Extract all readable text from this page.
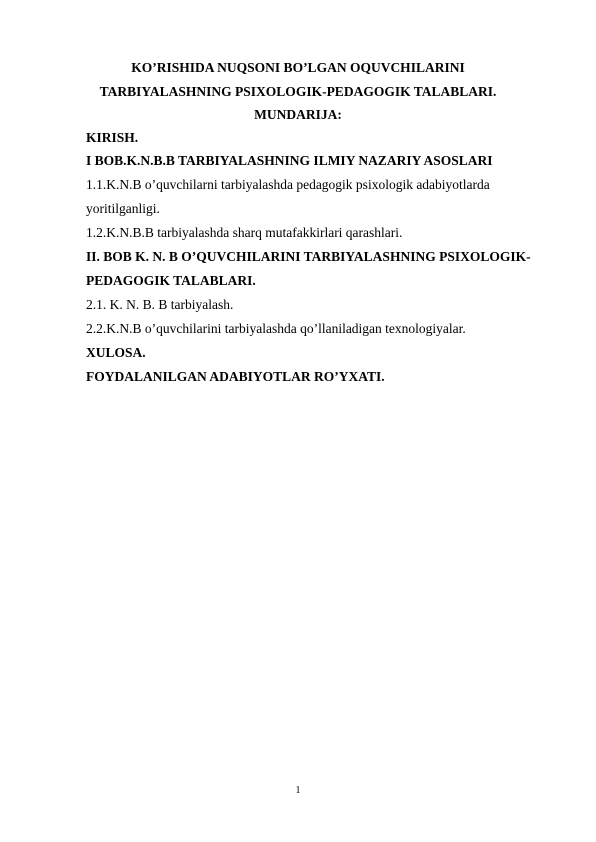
KO’RISHIDA NUQSONI BO’LGAN OQUVCHILARINI
TARBIYALASHNING PSIXOLOGIK-PEDAGOGIK TALABLARI.
MUNDARIJA:
KIRISH.
I BOB.K.N.B.B TARBIYALASHNING ILMIY NAZARIY ASOSLARI
1.1.K.N.B o’quvchilarni tarbiyalashda pedagogik psixologik adabiyotlarda
yoritilganligi.
1.2.K.N.B.B tarbiyalashda sharq mutafakkirlari qarashlari.
II. BOB K. N. B O’QUVCHILARINI TARBIYALASHNING PSIXOLOGIK-
PEDAGOGIK TALABLARI.
2.1. K. N. B. B tarbiyalash.
2.2.K.N.B o’quvchilarini tarbiyalashda qo’llaniladigan texnologiyalar.
XULOSA.
FOYDALANILGAN ADABIYOTLAR RO’YXATI.
1
